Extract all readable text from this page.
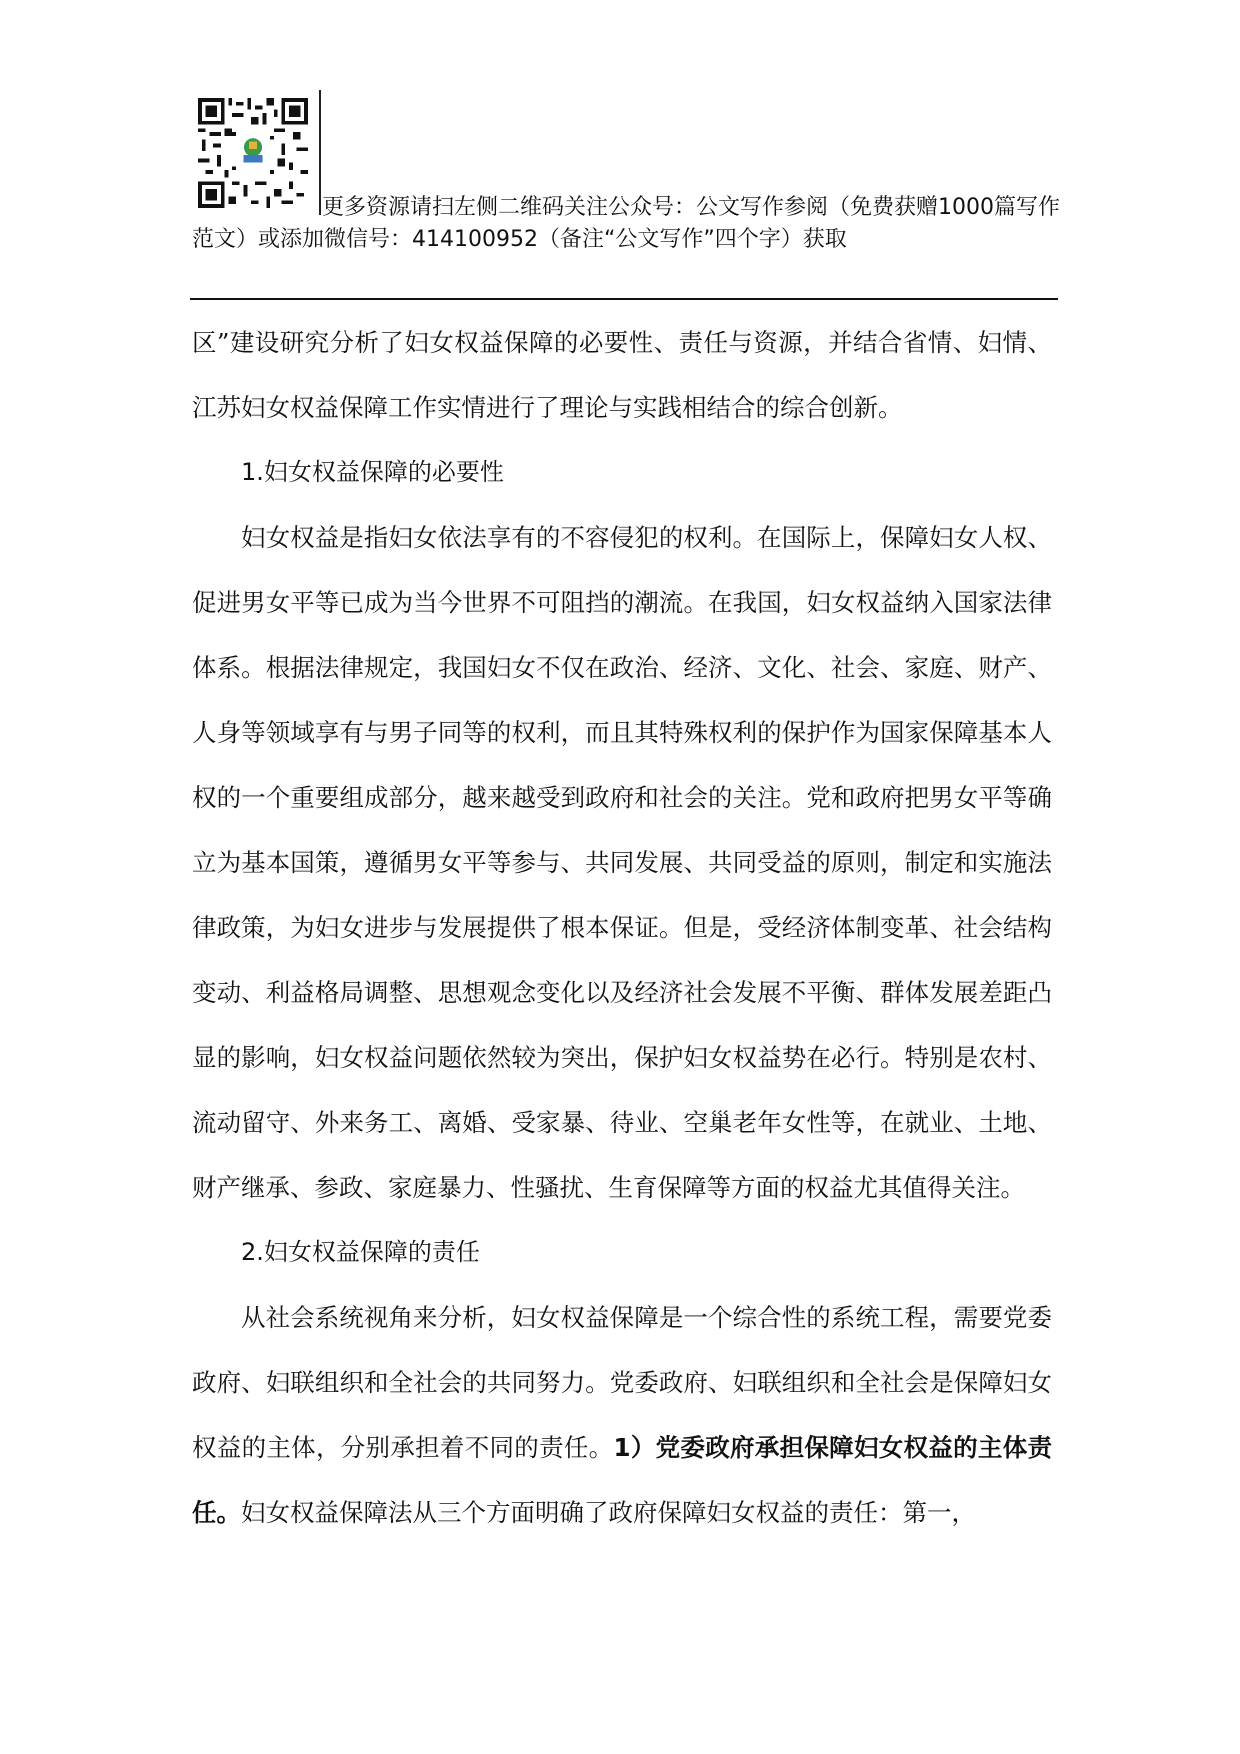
更多资源请扫左侧二维码关注公众号：公文写作参阅（免费获赠1000篇写作范文）或添加微信号：414100952（备注“公文写作”四个字）获取

区”建设研究分析了妇女权益保障的必要性、责任与资源，并结合省情、妇情、江苏妇女权益保障工作实情进行了理论与实践相结合的综合创新。

1.妇女权益保障的必要性

妇女权益是指妇女依法享有的不容侵犯的权利。在国际上，保障妇女人权、促进男女平等已成为当今世界不可阻挡的潮流。在我国，妇女权益纳入国家法律体系。根据法律规定，我国妇女不仅在政治、经济、文化、社会、家庭、财产、人身等领域享有与男子同等的权利，而且其特殊权利的保护作为国家保障基本人权的一个重要组成部分，越来越受到政府和社会的关注。党和政府把男女平等确立为基本国策，遵循男女平等参与、共同发展、共同受益的原则，制定和实施法律政策，为妇女进步与发展提供了根本保证。但是，受经济体制变革、社会结构变动、利益格局调整、思想观念变化以及经济社会发展不平衡、群体发展差距凸显的影响，妇女权益问题依然较为突出，保护妇女权益势在必行。特别是农村、流动留守、外来务工、离婚、受家暴、待业、空巢老年女性等，在就业、土地、财产继承、参政、家庭暴力、性骚扰、生育保障等方面的权益尤其值得关注。

2.妇女权益保障的责任

从社会系统视角来分析，妇女权益保障是一个综合性的系统工程，需要党委政府、妇联组织和全社会的共同努力。党委政府、妇联组织和全社会是保障妇女权益的主体，分别承担着不同的责任。1）党委政府承担保障妇女权益的主体责任。妇女权益保障法从三个方面明确了政府保障妇女权益的责任：第一，
